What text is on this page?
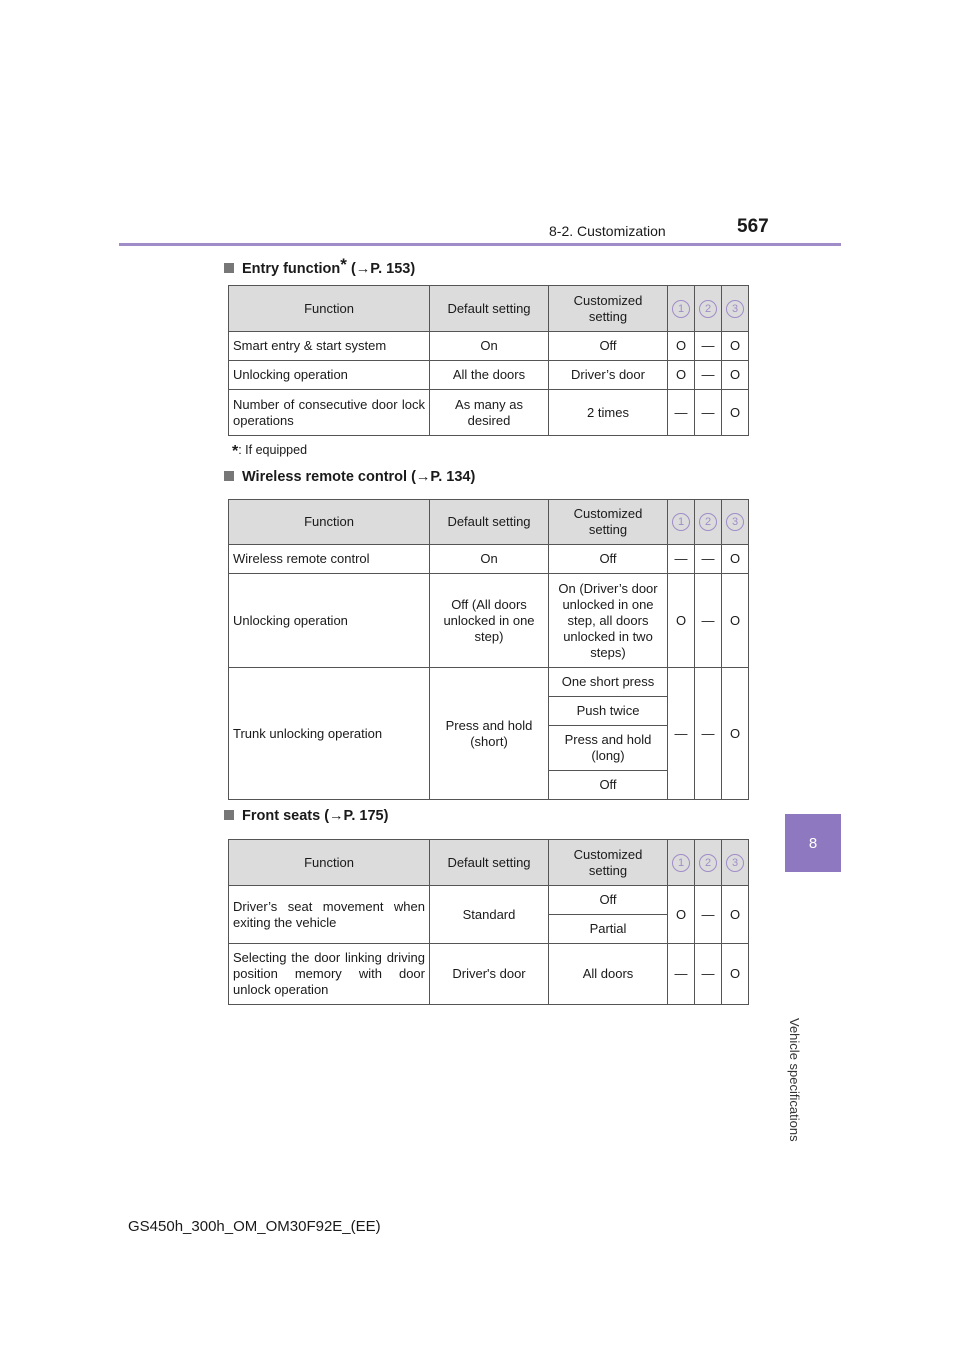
8-2. Customization	567
8
Vehicle specifications
Entry function* (→P. 153)
Function	Default setting	Customized setting	1	2	3
Smart entry & start system	On	Off	O	—	O
Unlocking operation	All the doors	Driver’s door	O	—	O
Number of consecutive door lock operations	As many as desired	2 times	—	—	O
*: If equipped
Wireless remote control (→P. 134)
Function	Default setting	Customized setting	1	2	3
Wireless remote control	On	Off	—	—	O
Unlocking operation	Off (All doors unlocked in one step)	On (Driver’s door unlocked in one step, all doors unlocked in two steps)	O	—	O
Trunk unlocking operation	Press and hold (short)	One short press	—	—	O
		Push twice			
		Press and hold (long)			
		Off			
Front seats (→P. 175)
Function	Default setting	Customized setting	1	2	3
Driver’s seat movement when exiting the vehicle	Standard	Off	O	—	O
		Partial			
Selecting the door linking driving position memory with door unlock operation	Driver's door	All doors	—	—	O
GS450h_300h_OM_OM30F92E_(EE)
